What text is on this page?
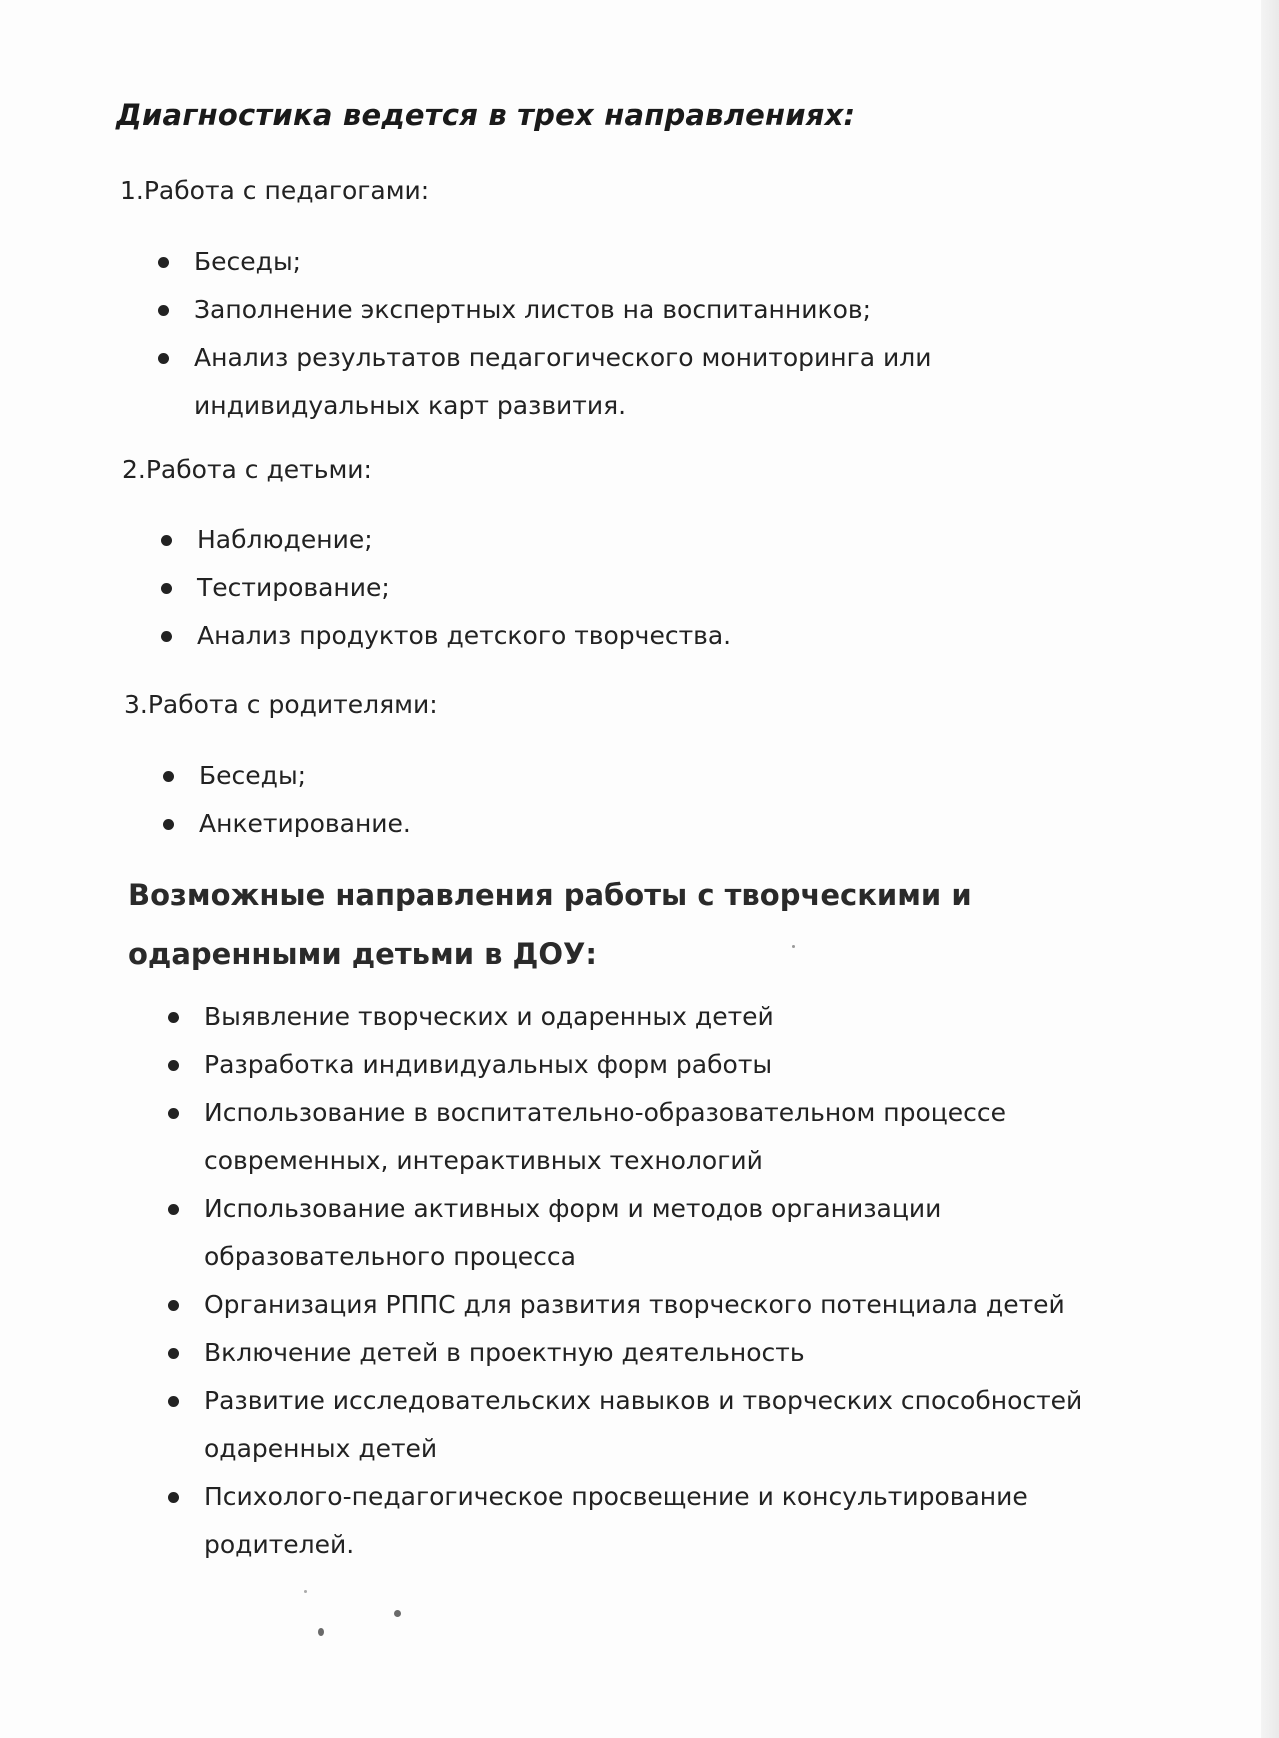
Диагностика ведется в трех направлениях:
1.Работа с педагогами:
Беседы;
Заполнение экспертных листов на воспитанников;
Анализ результатов педагогического мониторинга или индивидуальных карт развития.
2.Работа с детьми:
Наблюдение;
Тестирование;
Анализ продуктов детского творчества.
3.Работа с родителями:
Беседы;
Анкетирование.
Возможные направления работы с творческими и одаренными детьми в ДОУ:
Выявление творческих и одаренных детей
Разработка индивидуальных форм работы
Использование в воспитательно-образовательном процессе современных, интерактивных технологий
Использование активных форм и методов организации образовательного процесса
Организация РППС для развития творческого потенциала детей
Включение детей в проектную деятельность
Развитие исследовательских навыков и творческих способностей одаренных детей
Психолого-педагогическое просвещение и консультирование родителей.
